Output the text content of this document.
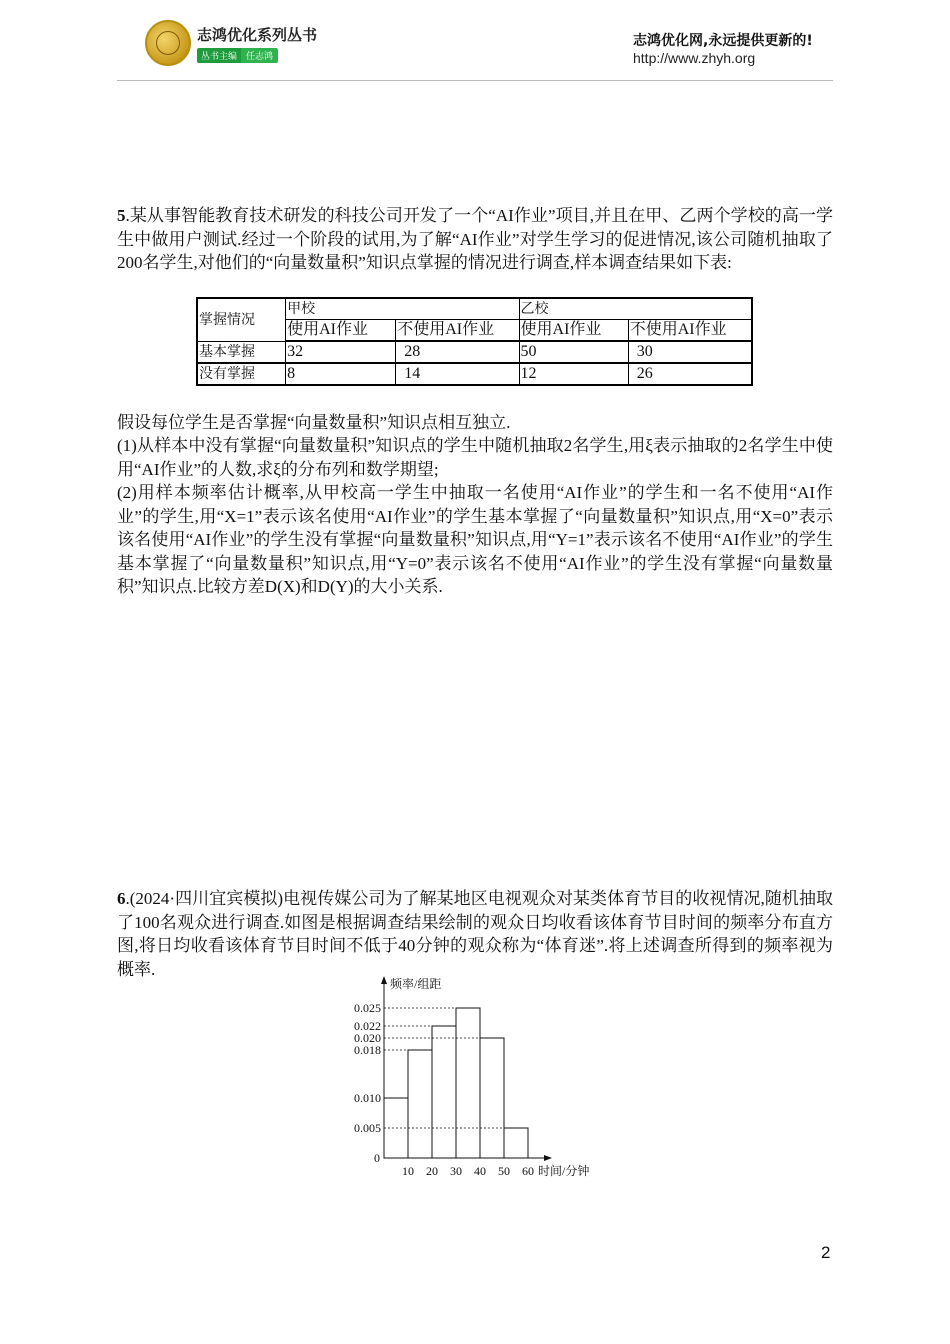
志鸿优化系列丛书
丛书主编 任志鸿
志鸿优化网,永远提供更新的!
http://www.zhyh.org

5.某从事智能教育技术研发的科技公司开发了一个“AI作业”项目,并且在甲、乙两个学校的高一学生中做用户测试.经过一个阶段的试用,为了解“AI作业”对学生学习的促进情况,该公司随机抽取了200名学生,对他们的“向量数量积”知识点掌握的情况进行调查,样本调查结果如下表:

掌握情况	甲校		乙校	
	使用AI作业	不使用AI作业	使用AI作业	不使用AI作业
基本掌握	32	28	50	30
没有掌握	8	14	12	26

假设每位学生是否掌握“向量数量积”知识点相互独立.

(1)从样本中没有掌握“向量数量积”知识点的学生中随机抽取2名学生,用ξ表示抽取的2名学生中使用“AI作业”的人数,求ξ的分布列和数学期望;

(2)用样本频率估计概率,从甲校高一学生中抽取一名使用“AI作业”的学生和一名不使用“AI作业”的学生,用“X=1”表示该名使用“AI作业”的学生基本掌握了“向量数量积”知识点,用“X=0”表示该名使用“AI作业”的学生没有掌握“向量数量积”知识点,用“Y=1”表示该名不使用“AI作业”的学生基本掌握了“向量数量积”知识点,用“Y=0”表示该名不使用“AI作业”的学生没有掌握“向量数量积”知识点.比较方差D(X)和D(Y)的大小关系.

6.(2024·四川宜宾模拟)电视传媒公司为了解某地区电视观众对某类体育节目的收视情况,随机抽取了100名观众进行调查.如图是根据调查结果绘制的观众日均收看该体育节目时间的频率分布直方图,将日均收看该体育节目时间不低于40分钟的观众称为“体育迷”.将上述调查所得到的频率视为概率.

0.025
0.022
0.020
0.018
0.010
0.005
0
10 20 30 40 50 60
频率/组距
时间/分钟
2
